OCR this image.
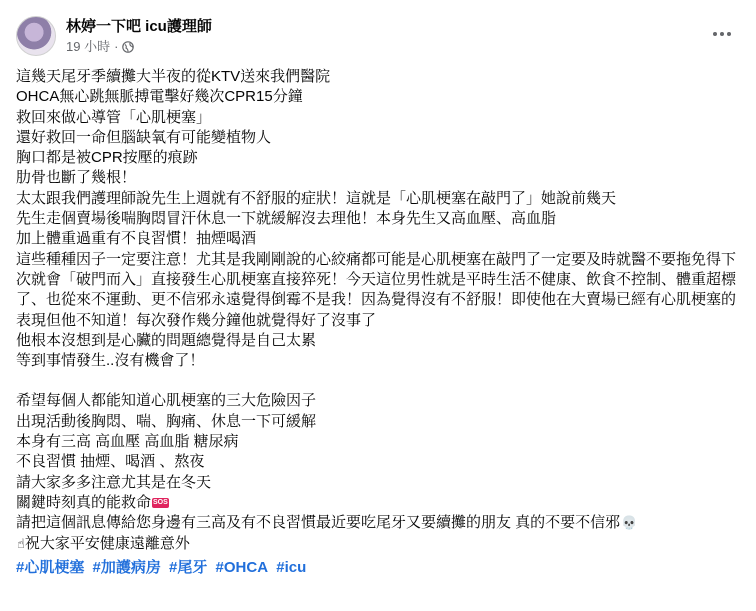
林婷一下吧 icu護理師
19 小時 ·
這幾天尾牙季續攤大半夜的從KTV送來我們醫院
OHCA無心跳無脈搏電擊好幾次CPR15分鐘
救回來做心導管「心肌梗塞」
還好救回一命但腦缺氧有可能變植物人
胸口都是被CPR按壓的痕跡
肋骨也斷了幾根！
太太跟我們護理師說先生上週就有不舒服的症狀！這就是「心肌梗塞在敲門了」她說前幾天
先生走個賣場後喘胸悶冒汗休息一下就緩解沒去理他！本身先生又高血壓、高血脂
加上體重過重有不良習慣！抽煙喝酒
這些種種因子一定要注意！尤其是我剛剛說的心絞痛都可能是心肌梗塞在敲門了一定要及時就醫不要拖免得下次就會「破門而入」直接發生心肌梗塞直接猝死！今天這位男性就是平時生活不健康、飲食不控制、體重超標了、也從來不運動、更不信邪永遠覺得倒霉不是我！因為覺得沒有不舒服！即使他在大賣場已經有心肌梗塞的表現但他不知道！每次發作幾分鐘他就覺得好了沒事了
他根本沒想到是心臟的問題總覺得是自己太累
等到事情發生..沒有機會了！
希望每個人都能知道心肌梗塞的三大危險因子
出現活動後胸悶、喘、胸痛、休息一下可緩解
本身有三高 高血壓 高血脂 糖尿病
不良習慣 抽煙、喝酒 、熬夜
請大家多多注意尤其是在冬天
關鍵時刻真的能救命 SOS
請把這個訊息傳給您身邊有三高及有不良習慣最近要吃尾牙又要續攤的朋友 真的不要不信邪💀
☝祝大家平安健康遠離意外
#心肌梗塞 #加護病房 #尾牙 #OHCA #icu
